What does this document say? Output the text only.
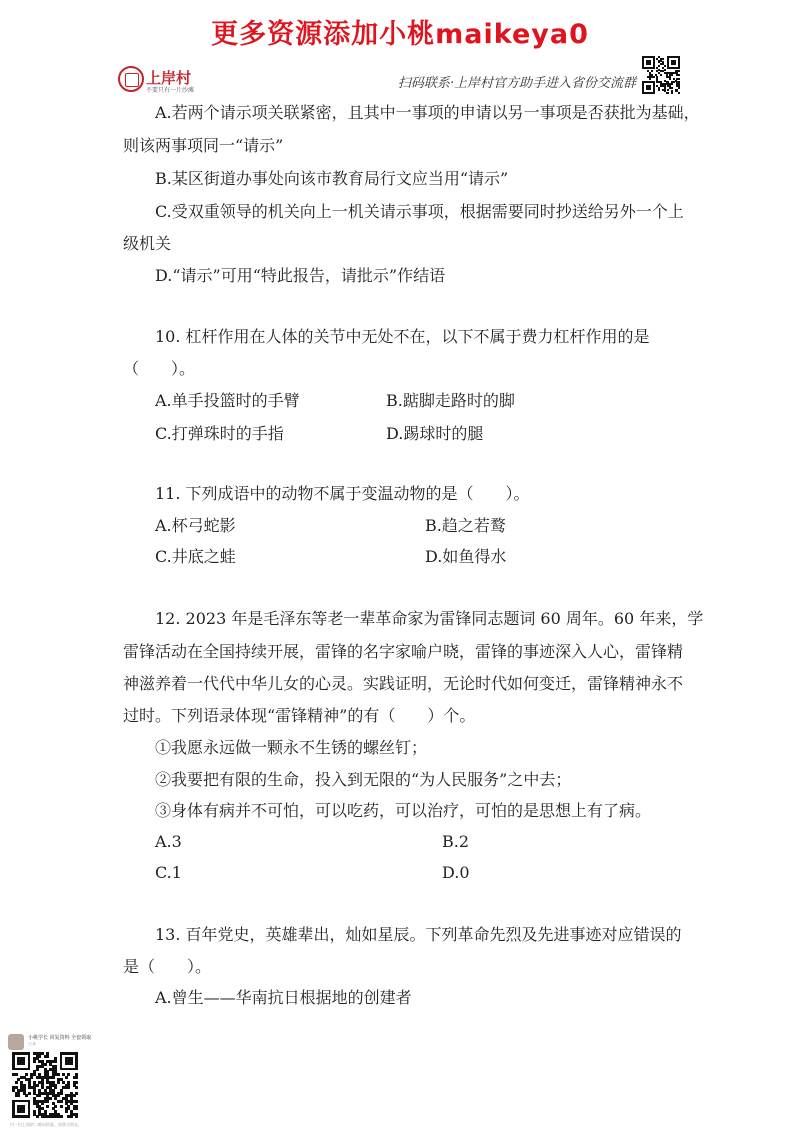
更多资源添加小桃maikeya0
上岸村
不要只有一片沙滩	扫码联系·上岸村官方助手进入省份交流群
A.若两个请示项关联紧密，且其中一事项的申请以另一事项是否获批为基础，
则该两事项同一“请示”
B.某区街道办事处向该市教育局行文应当用“请示”
C.受双重领导的机关向上一机关请示事项，根据需要同时抄送给另外一个上
级机关
D.“请示”可用“特此报告，请批示”作结语
10. 杠杆作用在人体的关节中无处不在，以下不属于费力杠杆作用的是
（　　）。
A.单手投篮时的手臂	B.踮脚走路时的脚
C.打弹珠时的手指	D.踢球时的腿
11. 下列成语中的动物不属于变温动物的是（　　）。
A.杯弓蛇影	B.趋之若鹜
C.井底之蛙	D.如鱼得水
12. 2023 年是毛泽东等老一辈革命家为雷锋同志题词 60 周年。60 年来，学
雷锋活动在全国持续开展，雷锋的名字家喻户晓，雷锋的事迹深入人心，雷锋精
神滋养着一代代中华儿女的心灵。实践证明，无论时代如何变迁，雷锋精神永不
过时。下列语录体现“雷锋精神”的有（　　）个。
①我愿永远做一颗永不生锈的螺丝钉；
②我要把有限的生命，投入到无限的“为人民服务”之中去；
③身体有病并不可怕，可以吃药，可以治疗，可怕的是思想上有了病。
A.3	B.2
C.1	D.0
13. 百年党史，英雄辈出，灿如星辰。下列革命先烈及先进事迹对应错误的
是（　　）。
A.曾生——华南抗日根据地的创建者
小桃学长 回复资料 全套领取
公众
扫一扫上面的二维码图案，加我为朋友。
